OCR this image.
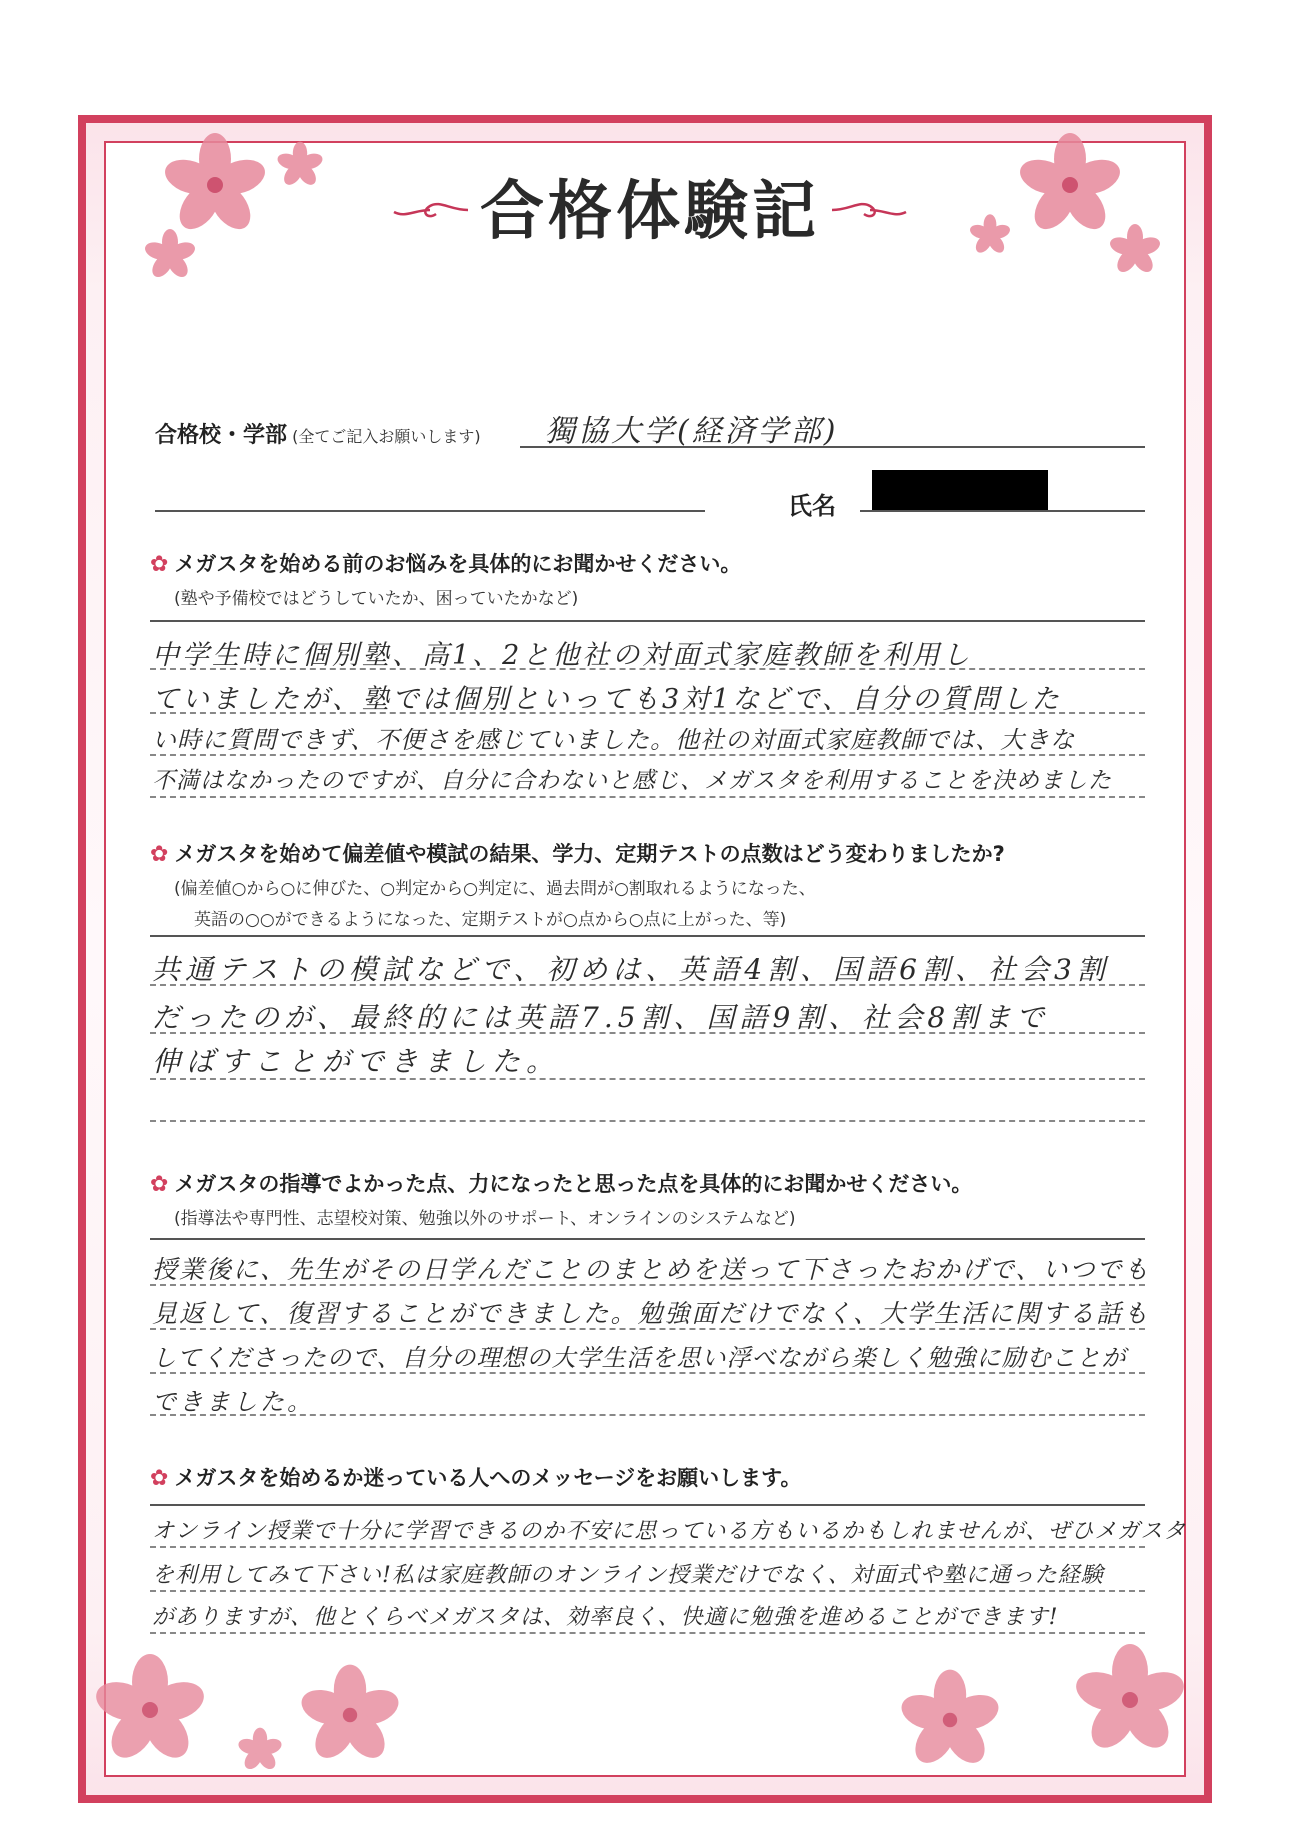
合格体験記
合格校・学部 (全てご記入お願いします) 獨協大学(経済学部)
氏名
✿ メガスタを始める前のお悩みを具体的にお聞かせください。
(塾や予備校ではどうしていたか、困っていたかなど)
中学生時に個別塾、高1、2と他社の対面式家庭教師を利用し
ていましたが、塾では個別といっても3対1などで、自分の質問した
い時に質問できず、不便さを感じていました。他社の対面式家庭教師では、大きな
不満はなかったのですが、自分に合わないと感じ、メガスタを利用することを決めました
✿ メガスタを始めて偏差値や模試の結果、学力、定期テストの点数はどう変わりましたか?
(偏差値○から○に伸びた、○判定から○判定に、過去問が○割取れるようになった、
英語の○○ができるようになった、定期テストが○点から○点に上がった、等)
共通テストの模試などで、初めは、英語4割、国語6割、社会3割
だったのが、最終的には英語7.5割、国語9割、社会8割まで
伸ばすことができました。
✿ メガスタの指導でよかった点、力になったと思った点を具体的にお聞かせください。
(指導法や専門性、志望校対策、勉強以外のサポート、オンラインのシステムなど)
授業後に、先生がその日学んだことのまとめを送って下さったおかげで、いつでも
見返して、復習することができました。勉強面だけでなく、大学生活に関する話も
してくださったので、自分の理想の大学生活を思い浮べながら楽しく勉強に励むことが
できました。
✿ メガスタを始めるか迷っている人へのメッセージをお願いします。
オンライン授業で十分に学習できるのか不安に思っている方もいるかもしれませんが、ぜひメガスタ
を利用してみて下さい!私は家庭教師のオンライン授業だけでなく、対面式や塾に通った経験
がありますが、他とくらべメガスタは、効率良く、快適に勉強を進めることができます!
